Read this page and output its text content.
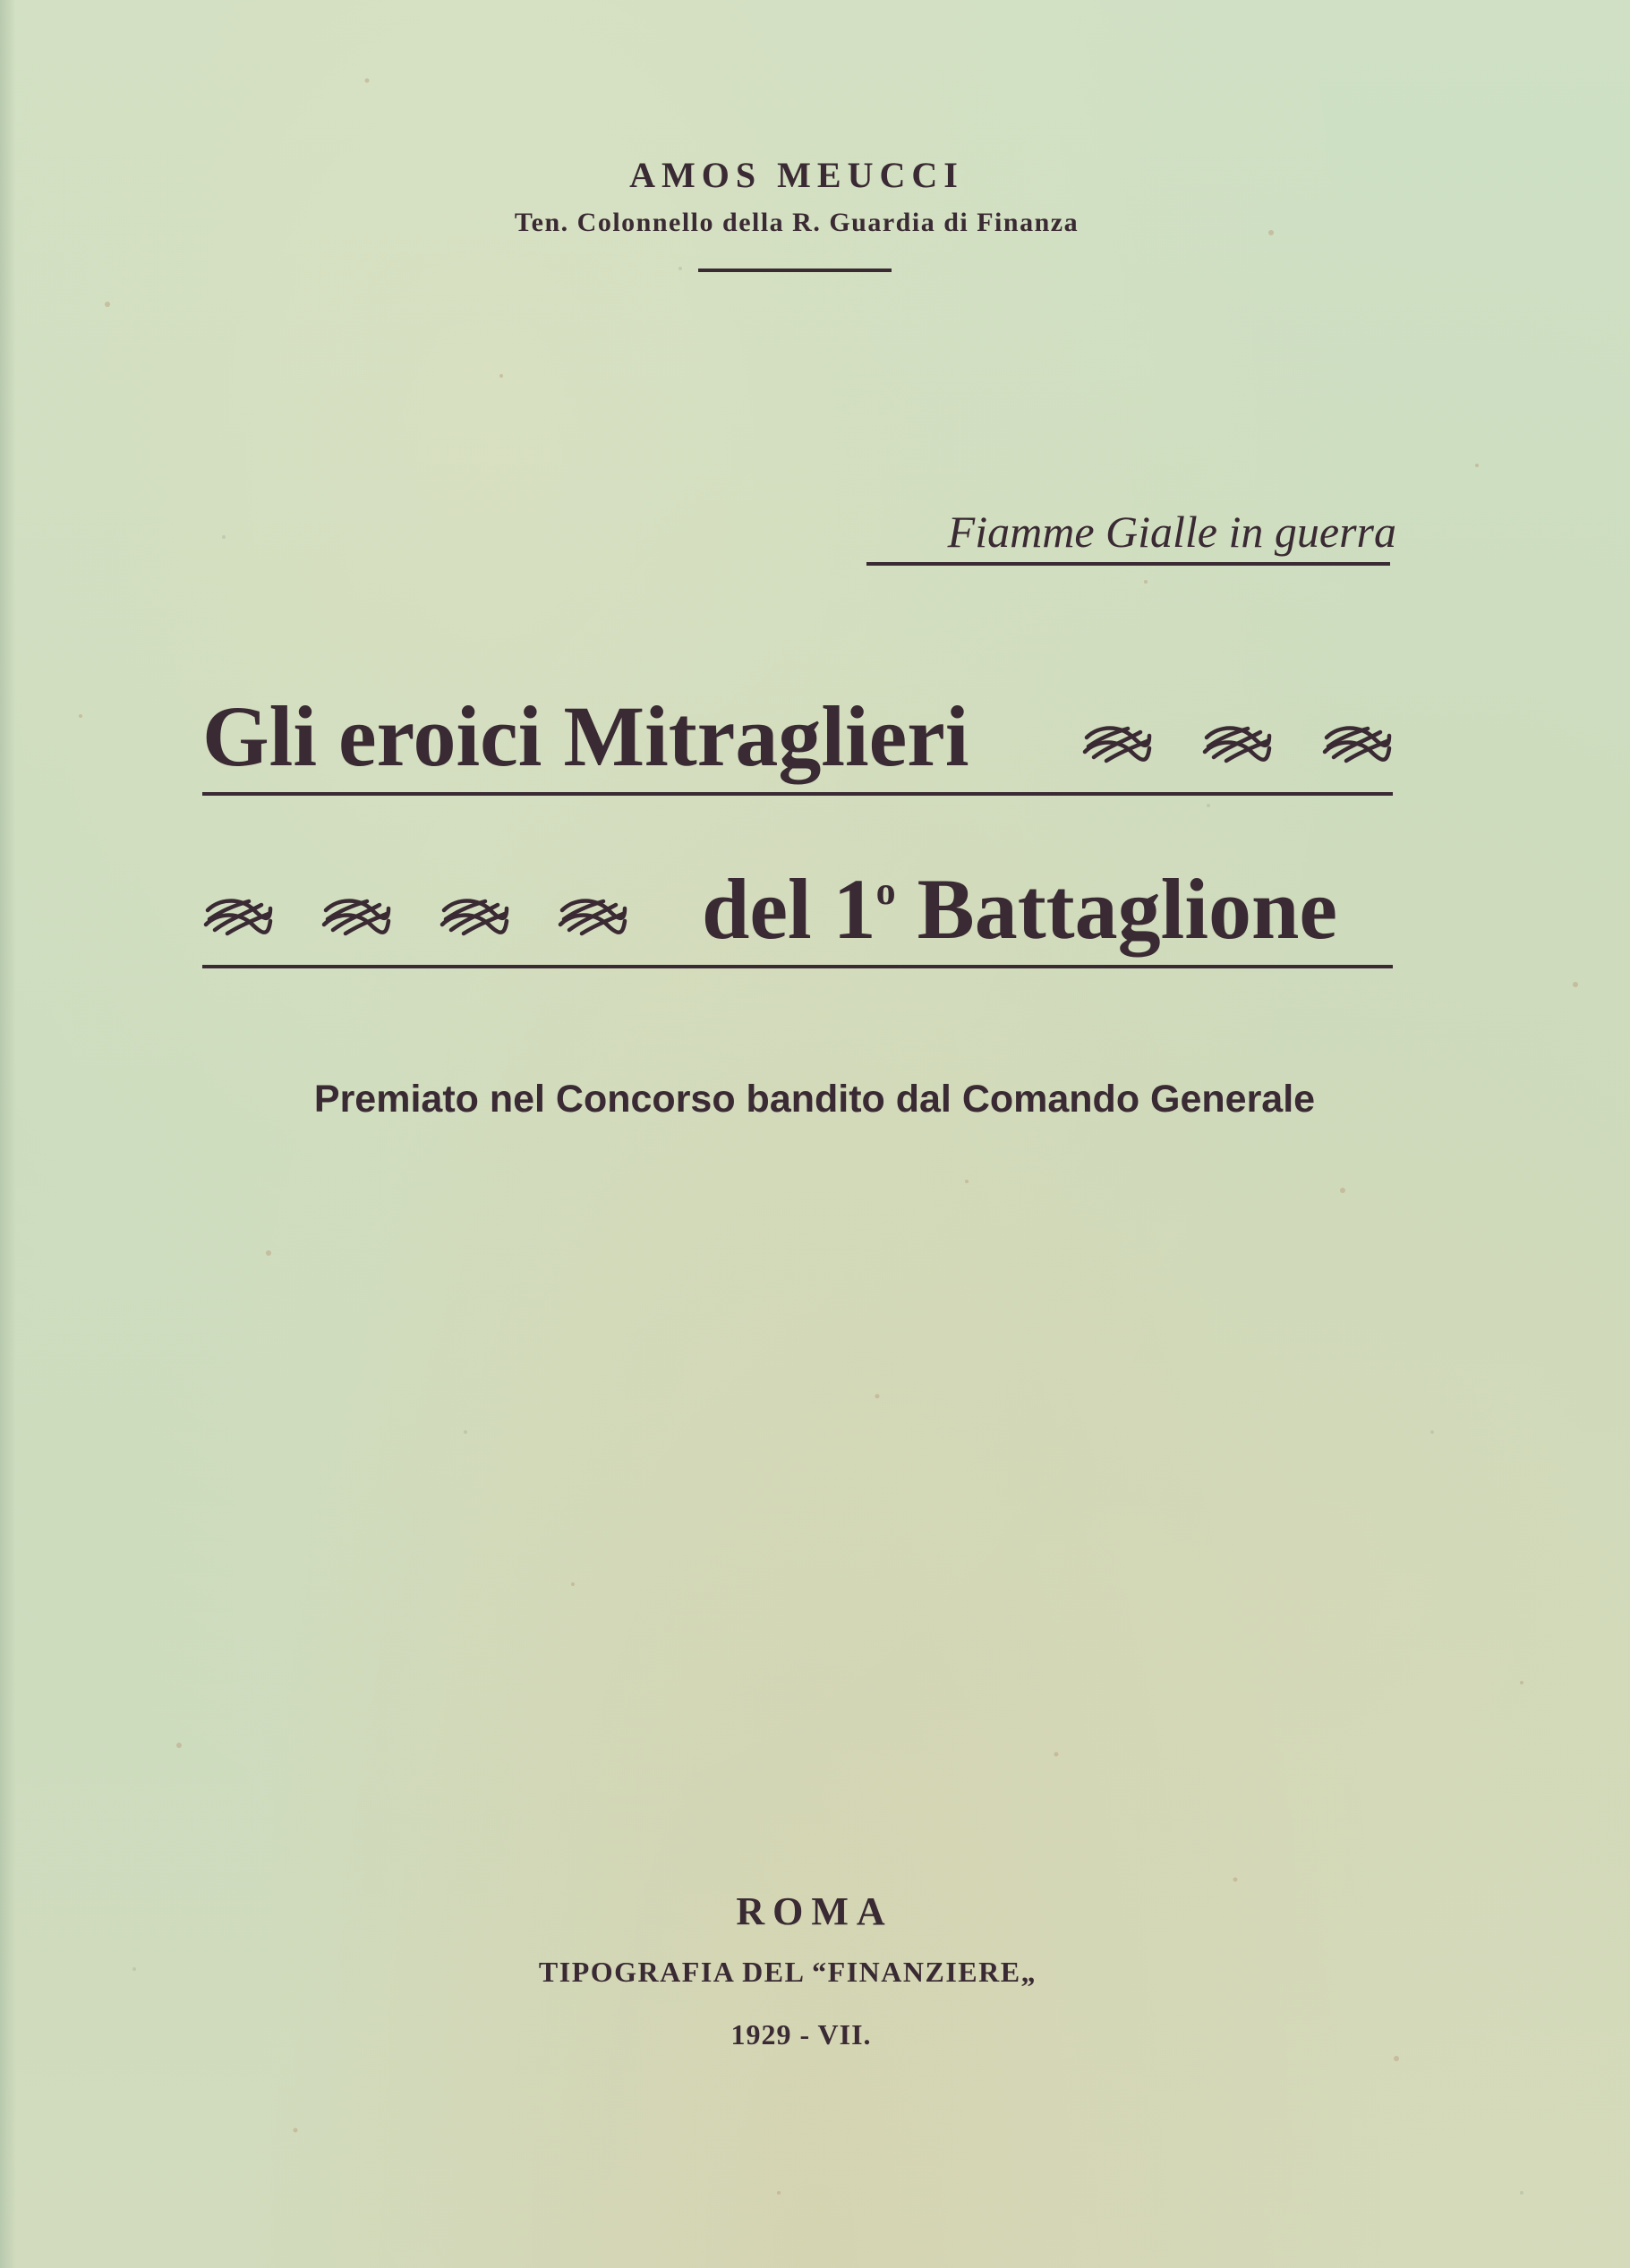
AMOS MEUCCI

Ten. Colonnello della R. Guardia di Finanza

Fiamme Gialle in guerra

Gli eroici Mitraglieri

del 1$^o$ Battaglione

Premiato nel Concorso bandito dal Comando Generale

ROMA

TIPOGRAFIA DEL “FINANZIERE„

1929 - VII.
